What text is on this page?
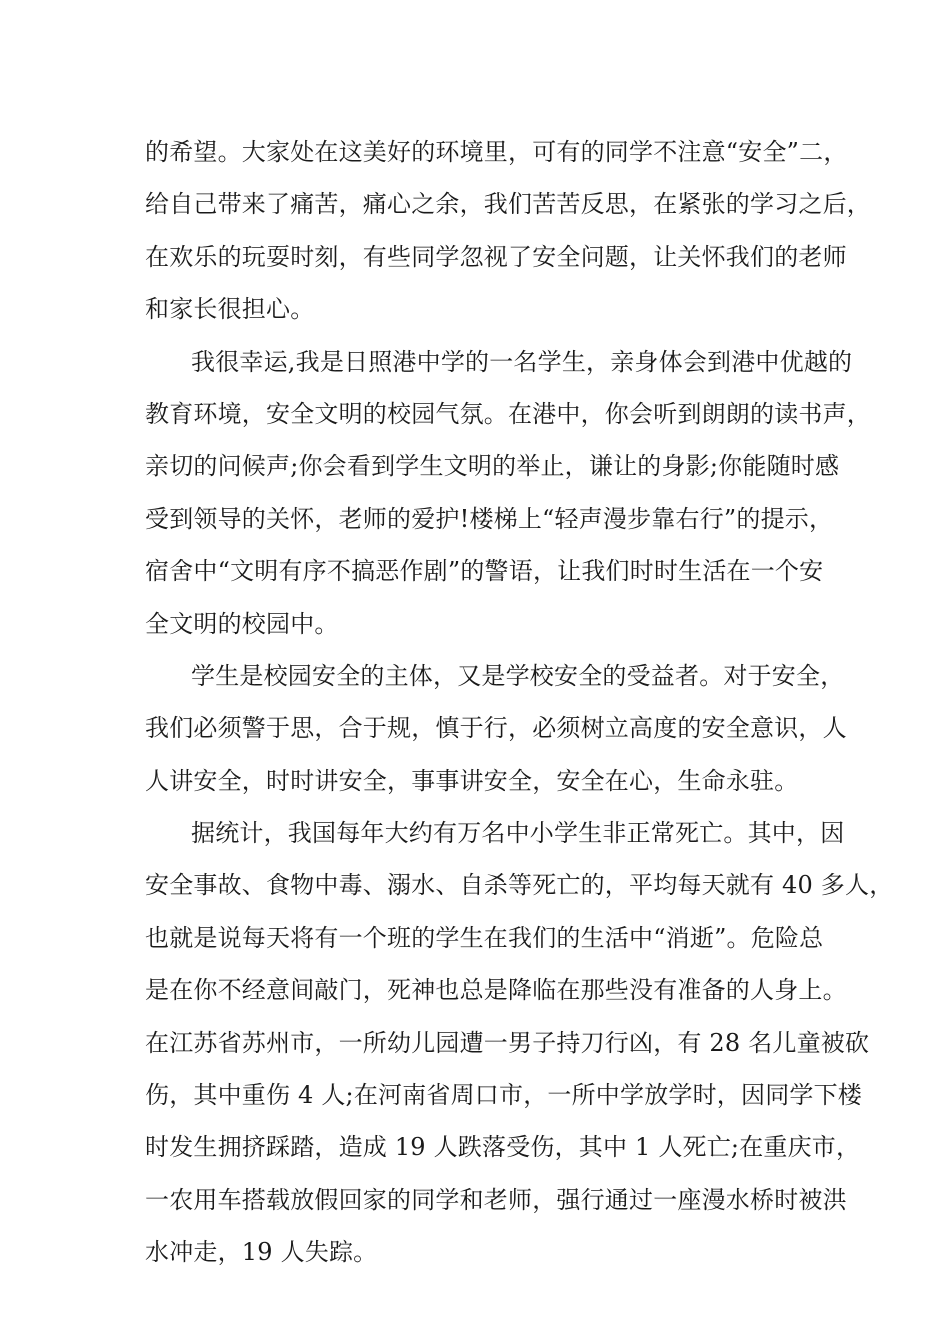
的希望。大家处在这美好的环境里，可有的同学不注意“安全”二，
给自己带来了痛苦，痛心之余，我们苦苦反思，在紧张的学习之后，
在欢乐的玩耍时刻，有些同学忽视了安全问题，让关怀我们的老师
和家长很担心。
我很幸运,我是日照港中学的一名学生，亲身体会到港中优越的
教育环境，安全文明的校园气氛。在港中，你会听到朗朗的读书声，
亲切的问候声;你会看到学生文明的举止，谦让的身影;你能随时感
受到领导的关怀，老师的爱护!楼梯上“轻声漫步靠右行”的提示，
宿舍中“文明有序不搞恶作剧”的警语，让我们时时生活在一个安
全文明的校园中。
学生是校园安全的主体，又是学校安全的受益者。对于安全，
我们必须警于思，合于规，慎于行，必须树立高度的安全意识，人
人讲安全，时时讲安全，事事讲安全，安全在心，生命永驻。
据统计，我国每年大约有万名中小学生非正常死亡。其中，因
安全事故、食物中毒、溺水、自杀等死亡的，平均每天就有 40 多人，
也就是说每天将有一个班的学生在我们的生活中“消逝”。危险总
是在你不经意间敲门，死神也总是降临在那些没有准备的人身上。
在江苏省苏州市，一所幼儿园遭一男子持刀行凶，有 28 名儿童被砍
伤，其中重伤 4 人;在河南省周口市，一所中学放学时，因同学下楼
时发生拥挤踩踏，造成 19 人跌落受伤，其中 1 人死亡;在重庆市，
一农用车搭载放假回家的同学和老师，强行通过一座漫水桥时被洪
水冲走，19 人失踪。
